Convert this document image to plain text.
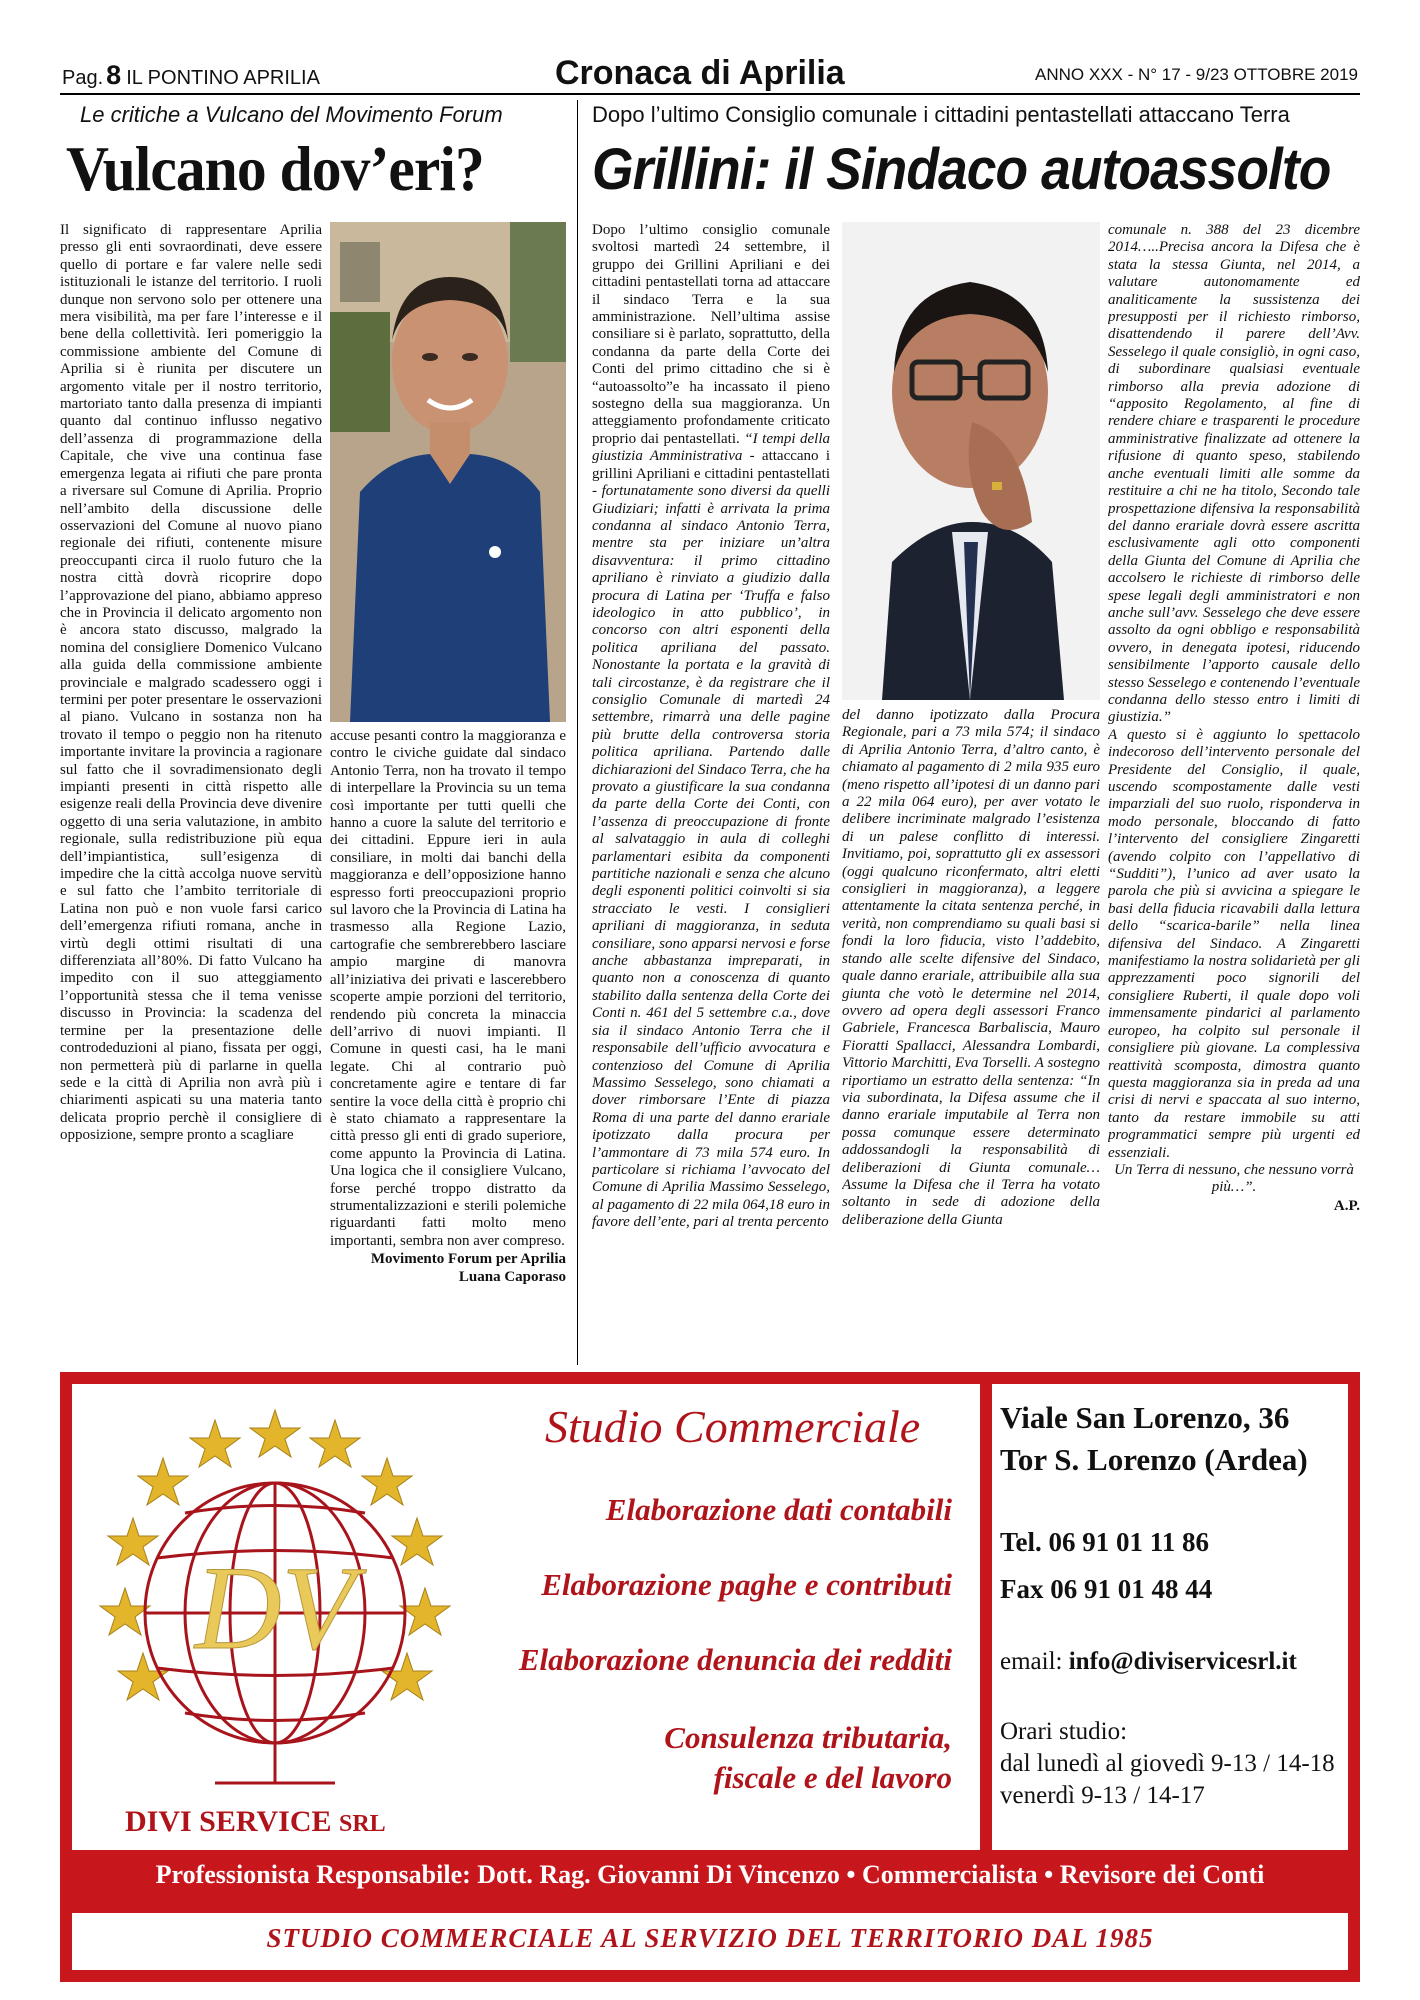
Pag. 8 IL PONTINO APRILIA	Cronaca di Aprilia	ANNO XXX - N° 17 - 9/23 OTTOBRE 2019
Le critiche a Vulcano del Movimento Forum	Dopo l’ultimo Consiglio comunale i cittadini pentastellati attaccano Terra
Vulcano dov’eri? Grillini: il Sindaco autoassolto

Il significato di rappresentare Aprilia presso gli enti sovraordinati, deve essere quello di portare e far valere nelle sedi istituzionali le istanze del territorio. I ruoli dunque non servono solo per ottenere una mera visibilità, ma per fare l’interesse e il bene della collettività. Ieri pomeriggio la commissione ambiente del Comune di Aprilia si è riunita per discutere un argomento vitale per il nostro territorio, martoriato tanto dalla presenza di impianti quanto dal continuo influsso negativo dell’assenza di programmazione della Capitale, che vive una continua fase emergenza legata ai rifiuti che pare pronta a riversare sul Comune di Aprilia. Proprio nell’ambito della discussione delle osservazioni del Comune al nuovo piano regionale dei rifiuti, contenente misure preoccupanti circa il ruolo futuro che la nostra città dovrà ricoprire dopo l’approvazione del piano, abbiamo appreso che in Provincia il delicato argomento non è ancora stato discusso, malgrado la nomina del consigliere Domenico Vulcano alla guida della commissione ambiente provinciale e malgrado scadessero oggi i termini per poter presentare le osservazioni al piano. Vulcano in sostanza non ha trovato il tempo o peggio non ha ritenuto importante invitare la provincia a ragionare sul fatto che il sovradimensionato degli impianti presenti in città rispetto alle esigenze reali della Provincia deve divenire oggetto di una seria valutazione, in ambito regionale, sulla redistribuzione più equa dell’impiantistica, sull’esigenza di impedire che la città accolga nuove servitù e sul fatto che l’ambito territoriale di Latina non può e non vuole farsi carico dell’emergenza rifiuti romana, anche in virtù degli ottimi risultati di una differenziata all’80%. Di fatto Vulcano ha impedito con il suo atteggiamento l’opportunità stessa che il tema venisse discusso in Provincia: la scadenza del termine per la presentazione delle controdeduzioni al piano, fissata per oggi, non permetterà più di parlarne in quella sede e la città di Aprilia non avrà più i chiarimenti aspicati su una materia tanto delicata proprio perchè il consigliere di opposizione, sempre pronto a scagliare

accuse pesanti contro la maggioranza e contro le civiche guidate dal sindaco Antonio Terra, non ha trovato il tempo di interpellare la Provincia su un tema così importante per tutti quelli che hanno a cuore la salute del territorio e dei cittadini. Eppure ieri in aula consiliare, in molti dai banchi della maggioranza e dell’opposizione hanno espresso forti preoccupazioni proprio sul lavoro che la Provincia di Latina ha trasmesso alla Regione Lazio, cartografie che sembrerebbero lasciare ampio margine di manovra all’iniziativa dei privati e lascerebbero scoperte ampie porzioni del territorio, rendendo più concreta la minaccia dell’arrivo di nuovi impianti. Il Comune in questi casi, ha le mani legate. Chi al contrario può concretamente agire e tentare di far sentire la voce della città è proprio chi è stato chiamato a rappresentare la città presso gli enti di grado superiore, come appunto la Provincia di Latina. Una logica che il consigliere Vulcano, forse perché troppo distratto da strumentalizzazioni e sterili polemiche riguardanti fatti molto meno importanti, sembra non aver compreso.

Movimento Forum per Aprilia
Luana Caporaso

Dopo l’ultimo consiglio comunale svoltosi martedì 24 settembre, il gruppo dei Grillini Apriliani e dei cittadini pentastellati torna ad attaccare il sindaco Terra e la sua amministrazione. Nell’ultima assise consiliare si è parlato, soprattutto, della condanna da parte della Corte dei Conti del primo cittadino che si è “autoassolto”e ha incassato il pieno sostegno della sua maggioranza. Un atteggiamento profondamente criticato proprio dai pentastellati. “I tempi della giustizia Amministrativa - attaccano i grillini Apriliani e cittadini pentastellati - fortunatamente sono diversi da quelli Giudiziari; infatti è arrivata la prima condanna al sindaco Antonio Terra, mentre sta per iniziare un’altra disavventura: il primo cittadino apriliano è rinviato a giudizio dalla procura di Latina per ‘Truffa e falso ideologico in atto pubblico’, in concorso con altri esponenti della politica apriliana del passato. Nonostante la portata e la gravità di tali circostanze, è da registrare che il consiglio Comunale di martedì 24 settembre, rimarrà una delle pagine più brutte della controversa storia politica apriliana. Partendo dalle dichiarazioni del Sindaco Terra, che ha provato a giustificare la sua condanna da parte della Corte dei Conti, con l’assenza di preoccupazione di fronte al salvataggio in aula di colleghi parlamentari esibita da componenti partitiche nazionali e senza che alcuno degli esponenti politici coinvolti si sia stracciato le vesti. I consiglieri apriliani di maggioranza, in seduta consiliare, sono apparsi nervosi e forse anche abbastanza impreparati, in quanto non a conoscenza di quanto stabilito dalla sentenza della Corte dei Conti n. 461 del 5 settembre c.a., dove sia il sindaco Antonio Terra che il responsabile dell’ufficio avvocatura e contenzioso del Comune di Aprilia Massimo Sesselego, sono chiamati a dover rimborsare l’Ente di piazza Roma di una parte del danno erariale ipotizzato dalla procura per l’ammontare di 73 mila 574 euro. In particolare si richiama l’avvocato del Comune di Aprilia Massimo Sesselego, al pagamento di 22 mila 064,18 euro in favore dell’ente, pari al trenta percento

del danno ipotizzato dalla Procura Regionale, pari a 73 mila 574; il sindaco di Aprilia Antonio Terra, d’altro canto, è chiamato al pagamento di 2 mila 935 euro (meno rispetto all’ipotesi di un danno pari a 22 mila 064 euro), per aver votato le delibere incriminate malgrado l’esistenza di un palese conflitto di interessi. Invitiamo, poi, soprattutto gli ex assessori (oggi qualcuno riconfermato, altri eletti consiglieri in maggioranza), a leggere attentamente la citata sentenza perché, in verità, non comprendiamo su quali basi si fondi la loro fiducia, visto l’addebito, stando alle scelte difensive del Sindaco, quale danno erariale, attribuibile alla sua giunta che votò le determine nel 2014, ovvero ad opera degli assessori Franco Gabriele, Francesca Barbaliscia, Mauro Fioratti Spallacci, Alessandra Lombardi, Vittorio Marchitti, Eva Torselli. A sostegno riportiamo un estratto della sentenza: “In via subordinata, la Difesa assume che il danno erariale imputabile al Terra non possa comunque essere determinato addossandogli la responsabilità di deliberazioni di Giunta comunale…Assume la Difesa che il Terra ha votato soltanto in sede di adozione della deliberazione della Giunta

comunale n. 388 del 23 dicembre 2014…..Precisa ancora la Difesa che è stata la stessa Giunta, nel 2014, a valutare autonomamente ed analiticamente la sussistenza dei presupposti per il richiesto rimborso, disattendendo il parere dell’Avv. Sesselego il quale consigliò, in ogni caso, di subordinare qualsiasi eventuale rimborso alla previa adozione di “apposito Regolamento, al fine di rendere chiare e trasparenti le procedure amministrative finalizzate ad ottenere la rifusione di quanto speso, stabilendo anche eventuali limiti alle somme da restituire a chi ne ha titolo, Secondo tale prospettazione difensiva la responsabilità del danno erariale dovrà essere ascritta esclusivamente agli otto componenti della Giunta del Comune di Aprilia che accolsero le richieste di rimborso delle spese legali degli amministratori e non anche sull’avv. Sesselego che deve essere assolto da ogni obbligo e responsabilità ovvero, in denegata ipotesi, riducendo sensibilmente l’apporto causale dello stesso Sesselego e contenendo l’eventuale condanna dello stesso entro i limiti di giustizia.”

A questo si è aggiunto lo spettacolo indecoroso dell’intervento personale del Presidente del Consiglio, il quale, uscendo scompostamente dalle vesti imparziali del suo ruolo, risponderva in modo personale, bloccando di fatto l’intervento del consigliere Zingaretti (avendo colpito con l’appellativo di “Sudditi”), l’unico ad aver usato la parola che più si avvicina a spiegare le basi della fiducia ricavabili dalla lettura dello “scarica-barile” nella linea difensiva del Sindaco. A Zingaretti manifestiamo la nostra solidarietà per gli apprezzamenti poco signorili del consigliere Ruberti, il quale dopo voli immensamente pindarici al parlamento europeo, ha colpito sul personale il consigliere più giovane. La complessiva reattività scomposta, dimostra quanto questa maggioranza sia in preda ad una crisi di nervi e spaccata al suo interno, tanto da restare immobile su atti programmatici sempre più urgenti ed essenziali.

Un Terra di nessuno, che nessuno vorrà più…”.

A.P.
DV
DIVI SERVICE SRL
Studio Commerciale
Elaborazione dati contabili
Elaborazione paghe e contributi
Elaborazione denuncia dei redditi
Consulenza tributaria,
fiscale e del lavoro
Viale San Lorenzo, 36
Tor S. Lorenzo (Ardea)
Tel. 06 91 01 11 86
Fax 06 91 01 48 44
email: info@diviservicesrl.it
Orari studio:
dal lunedì al giovedì 9-13 / 14-18
venerdì 9-13 / 14-17
Professionista Responsabile: Dott. Rag. Giovanni Di Vincenzo • Commercialista • Revisore dei Conti
STUDIO COMMERCIALE AL SERVIZIO DEL TERRITORIO DAL 1985
